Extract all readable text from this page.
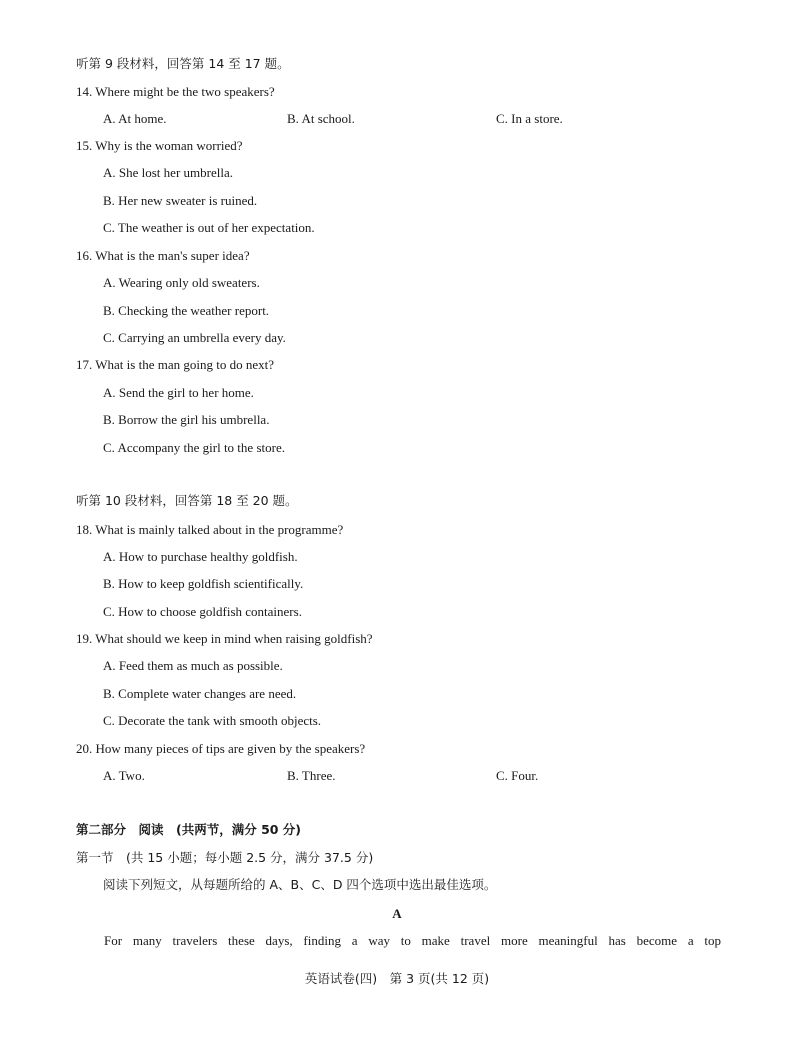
听第 9 段材料，回答第 14 至 17 题。
14. Where might be the two speakers?
A. At home.	B. At school.	C. In a store.
15. Why is the woman worried?
A. She lost her umbrella.
B. Her new sweater is ruined.
C. The weather is out of her expectation.
16. What is the man's super idea?
A. Wearing only old sweaters.
B. Checking the weather report.
C. Carrying an umbrella every day.
17. What is the man going to do next?
A. Send the girl to her home.
B. Borrow the girl his umbrella.
C. Accompany the girl to the store.
听第 10 段材料，回答第 18 至 20 题。
18. What is mainly talked about in the programme?
A. How to purchase healthy goldfish.
B. How to keep goldfish scientifically.
C. How to choose goldfish containers.
19. What should we keep in mind when raising goldfish?
A. Feed them as much as possible.
B. Complete water changes are need.
C. Decorate the tank with smooth objects.
20. How many pieces of tips are given by the speakers?
A. Two.	B. Three.	C. Four.
第二部分　阅读　(共两节，满分 50 分)
第一节　(共 15 小题；每小题 2.5 分，满分 37.5 分)
阅读下列短文，从每题所给的 A、B、C、D 四个选项中选出最佳选项。
A
For many travelers these days, finding a way to make travel more meaningful has become a top
英语试卷(四)　第 3 页(共 12 页)
